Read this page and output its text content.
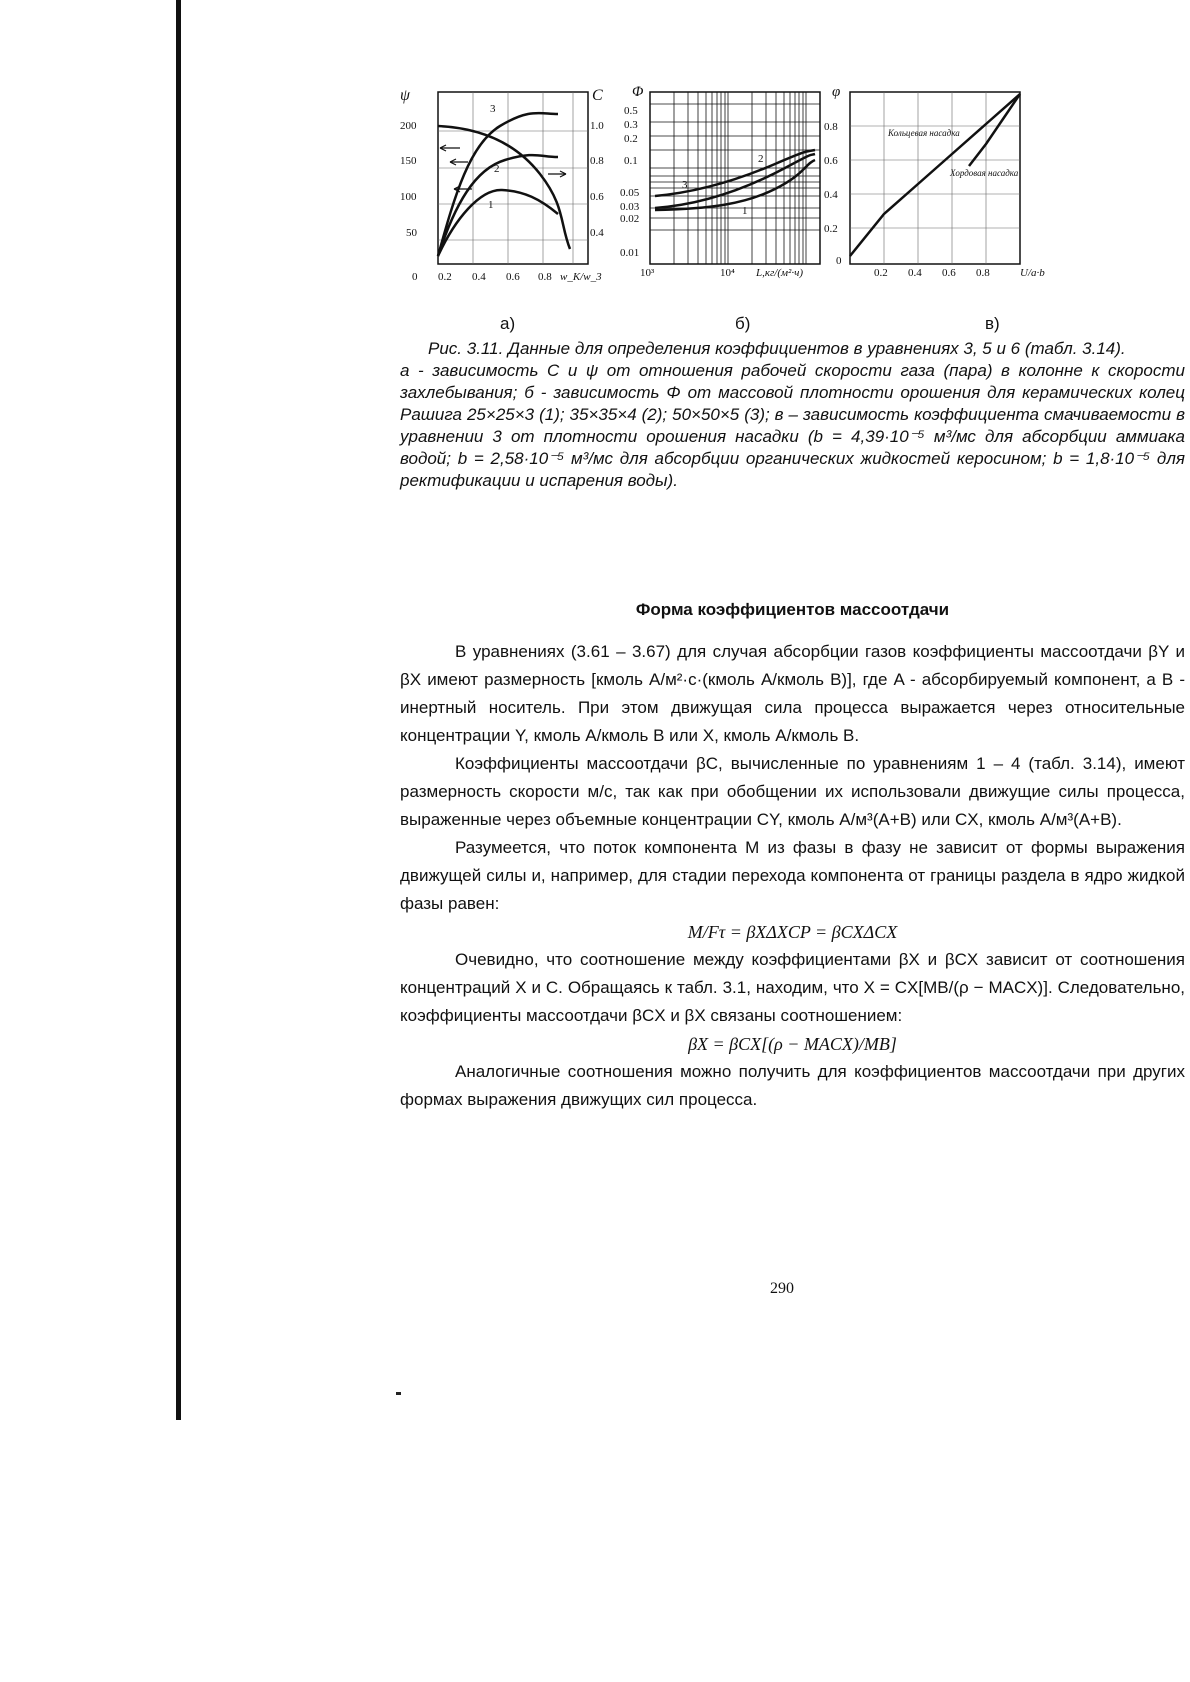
ψ	C
200
150
100
50
1.0
0.8
0.6
0.4
0 0.2 0.4 0.6 0.8 w_K/w_3
3
2
1
Φ
0.5
0.3
0.2
0.1
0.05
0.03
0.02
0.01
10³	10⁴ L,кг/(м²·ч)
3
2
1
φ
0.8
0.6
0.4
0.2
0
0.2 0.4 0.6 0.8	U/a·b
Кольцевая насадка
Хордовая насадка
а)	б)	в)

Рис. 3.11. Данные для определения коэффициентов в уравнениях 3, 5 и 6 (табл. 3.14).

а - зависимость C и ψ от отношения рабочей скорости газа (пара) в колонне к скорости захлебывания; б - зависимость Φ от массовой плотности орошения для керамических колец Рашига 25×25×3 (1); 35×35×4 (2); 50×50×5 (3); в – зависимость коэффициента смачиваемости в уравнении 3 от плотности орошения насадки (b = 4,39·10⁻⁵ м³/мс для абсорбции аммиака водой; b = 2,58·10⁻⁵ м³/мс для абсорбции органических жидкостей керосином; b = 1,8·10⁻⁵ для ректификации и испарения воды).

Форма коэффициентов массоотдачи

В уравнениях (3.61 – 3.67) для случая абсорбции газов коэффициенты массоотдачи βY и βX имеют размерность [кмоль A/м²·с·(кмоль A/кмоль B)], где A - абсорбируемый компонент, а B - инертный носитель. При этом движущая сила процесса выражается через относительные концентрации Y, кмоль A/кмоль B или X, кмоль A/кмоль B.

Коэффициенты массоотдачи βC, вычисленные по уравнениям 1 – 4 (табл. 3.14), имеют размерность скорости м/с, так как при обобщении их использовали движущие силы процесса, выраженные через объемные концентрации CY, кмоль A/м³(A+B) или CX, кмоль A/м³(A+B).

Разумеется, что поток компонента M из фазы в фазу не зависит от формы выражения движущей силы и, например, для стадии перехода компонента от границы раздела в ядро жидкой фазы равен:

M/Fτ = βXΔXCP = βCXΔCX

Очевидно, что соотношение между коэффициентами βX и βCX зависит от соотношения концентраций X и C. Обращаясь к табл. 3.1, находим, что X = CX[MB/(ρ − MACX)]. Следовательно, коэффициенты массоотдачи βCX и βX связаны соотношением:

βX = βCX[(ρ − MACX)/MB]

Аналогичные соотношения можно получить для коэффициентов массоотдачи при других формах выражения движущих сил процесса.

290
